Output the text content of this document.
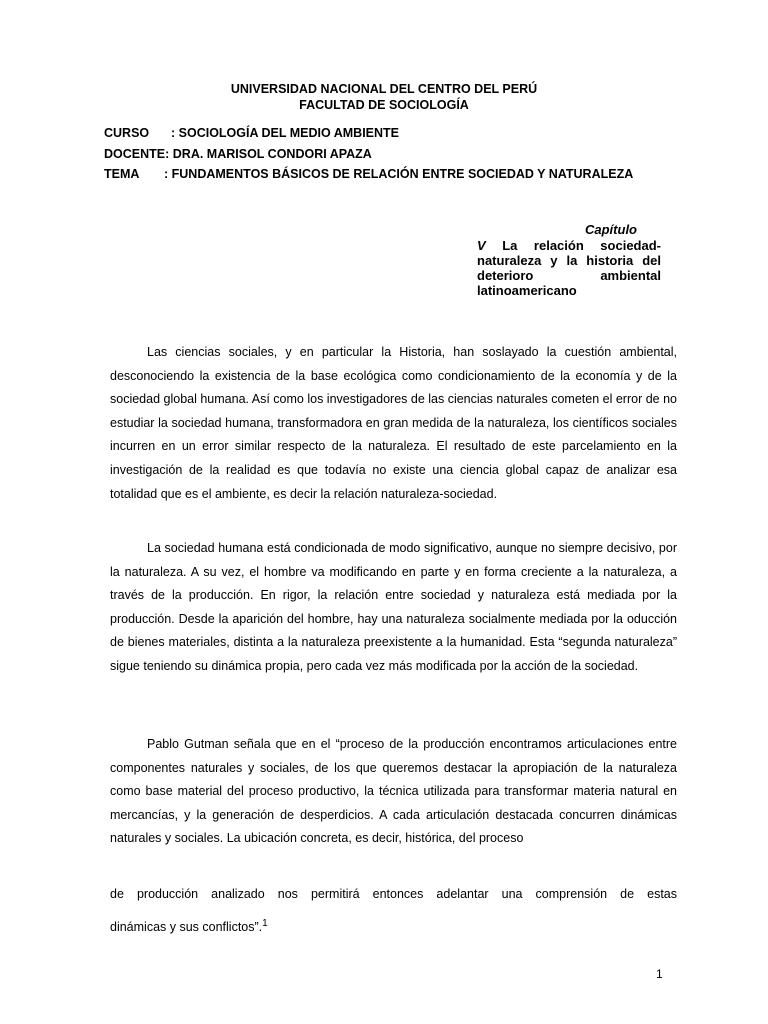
UNIVERSIDAD NACIONAL DEL CENTRO DEL PERÚ
FACULTAD DE SOCIOLOGÍA
CURSO : SOCIOLOGÍA DEL MEDIO AMBIENTE
DOCENTE: DRA. MARISOL CONDORI APAZA
TEMA : FUNDAMENTOS BÁSICOS DE RELACIÓN ENTRE SOCIEDAD Y NATURALEZA
Capítulo
V La relación sociedad-naturaleza y la historia del deterioro ambiental latinoamericano
Las ciencias sociales, y en particular la Historia, han soslayado la cuestión ambiental, desconociendo la existencia de la base ecológica como condicionamiento de la economía y de la sociedad global humana. Así como los investigadores de las ciencias naturales cometen el error de no estudiar la sociedad humana, transformadora en gran medida de la naturaleza, los científicos sociales incurren en un error similar respecto de la naturaleza. El resultado de este parcelamiento en la investigación de la realidad es que todavía no existe una ciencia global capaz de analizar esa totalidad que es el ambiente, es decir la relación naturaleza-sociedad.
La sociedad humana está condicionada de modo significativo, aunque no siempre decisivo, por la naturaleza. A su vez, el hombre va modificando en parte y en forma creciente a la naturaleza, a través de la producción. En rigor, la relación entre sociedad y naturaleza está mediada por la producción. Desde la aparición del hombre, hay una naturaleza socialmente mediada por la oducción de bienes materiales, distinta a la naturaleza preexistente a la humanidad. Esta “segunda naturaleza” sigue teniendo su dinámica propia, pero cada vez más modificada por la acción de la sociedad.
Pablo Gutman señala que en el “proceso de la producción encontramos articulaciones entre componentes naturales y sociales, de los que queremos destacar la apropiación de la naturaleza como base material del proceso productivo, la técnica utilizada para transformar materia natural en mercancías, y la generación de desperdicios. A cada articulación destacada concurren dinámicas naturales y sociales. La ubicación concreta, es decir, histórica, del proceso
de producción analizado nos permitirá entonces adelantar una comprensión de estas
dinámicas y sus conflictos”.$^1$
1
